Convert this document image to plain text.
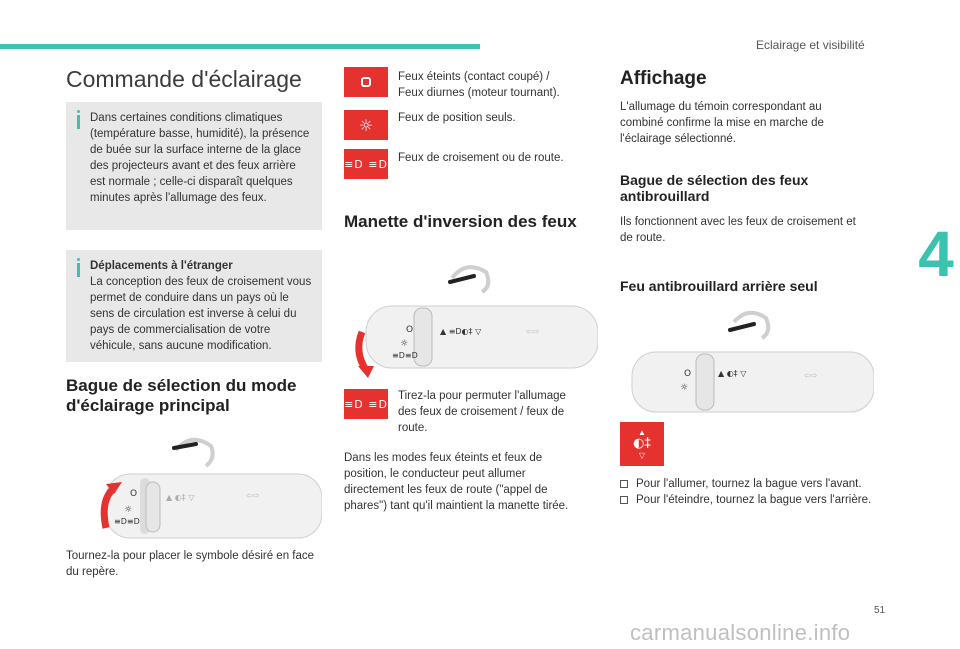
Eclairage et visibilité
4
Commande d'éclairage
Dans certaines conditions climatiques (température basse, humidité), la présence de buée sur la surface interne de la glace des projecteurs avant et des feux arrière est normale ; celle-ci disparaît quelques minutes après l'allumage des feux.
Déplacements à l'étranger
La conception des feux de croisement vous permet de conduire dans un pays où le sens de circulation est inverse à celui du pays de commercialisation de votre véhicule, sans aucune modification.
Bague de sélection du mode d'éclairage principal
O
☼
≡D≡D
▲ ◐‡ ▽	⇦⇨

Tournez-la pour placer le symbole désiré en face du repère.

Feux éteints (contact coupé) / Feux diurnes (moteur tournant).

☼ Feux de position seuls.

≡D ≡D Feux de croisement ou de route.

Manette d'inversion des feux
O
☼
≡D≡D
▲ ≡D◐‡ ▽	⇦⇨
≡D ≡D

Tirez-la pour permuter l'allumage des feux de croisement / feux de route.

Dans les modes feux éteints et feux de position, le conducteur peut allumer directement les feux de route ("appel de phares") tant qu'il maintient la manette tirée.

Affichage

L'allumage du témoin correspondant au combiné confirme la mise en marche de l'éclairage sélectionné.

Bague de sélection des feux antibrouillard

Ils fonctionnent avec les feux de croisement et de route.

Feu antibrouillard arrière seul
O
☼
▲ ◐‡ ▽	⇦⇨
▲
◐‡
▽
Pour l'allumer, tournez la bague vers l'avant.
Pour l'éteindre, tournez la bague vers l'arrière.
51
carmanualsonline.info
